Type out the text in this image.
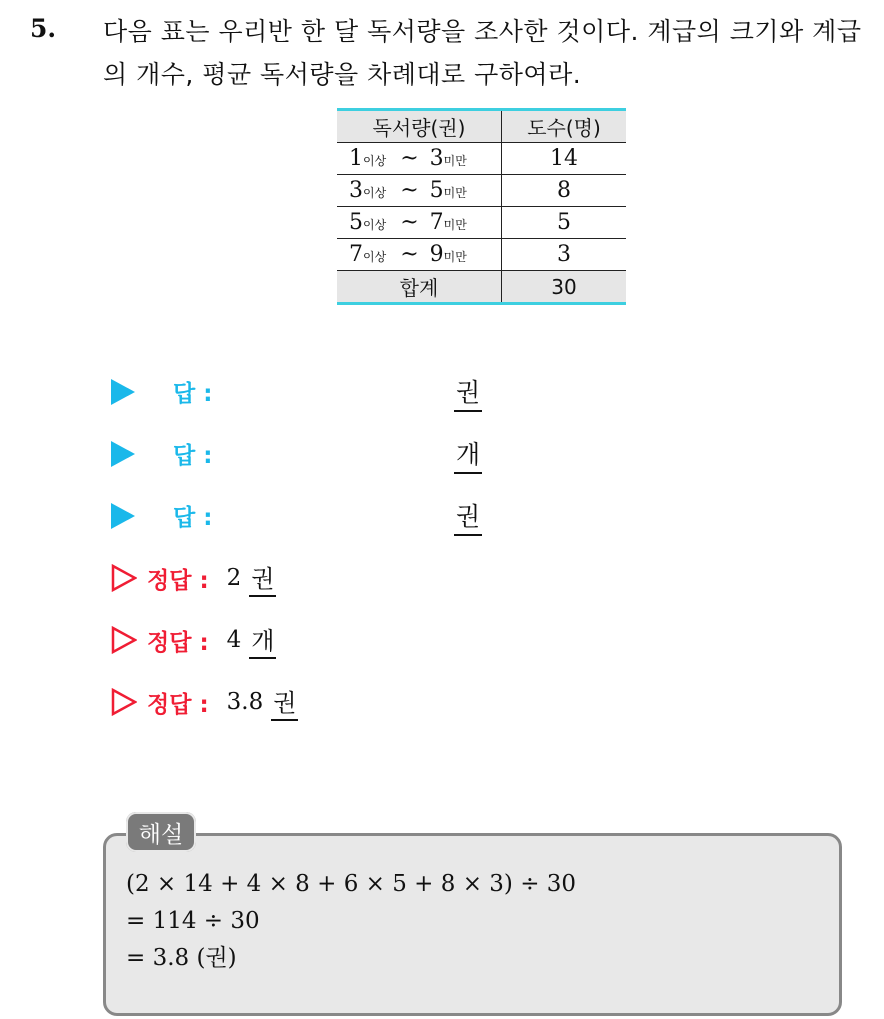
5. 다음 표는 우리반 한 달 독서량을 조사한 것이다. 계급의 크기와 계급
의 개수, 평균 독서량을 차례대로 구하여라.
독서량(권)	도수(명)

1 이상 ~ 3 미만	14

3 이상 ~ 5 미만	8

5 이상 ~ 7 미만	5

7 이상 ~ 9 미만	3
합계	30
답 :	권
답 :	개
답 :	권
정답 : 2 권
정답 : 4 개
정답 : 3.8 권
해설
(2 × 14 + 4 × 8 + 6 × 5 + 8 × 3) ÷ 30
= 114 ÷ 30
= 3.8 (권)
